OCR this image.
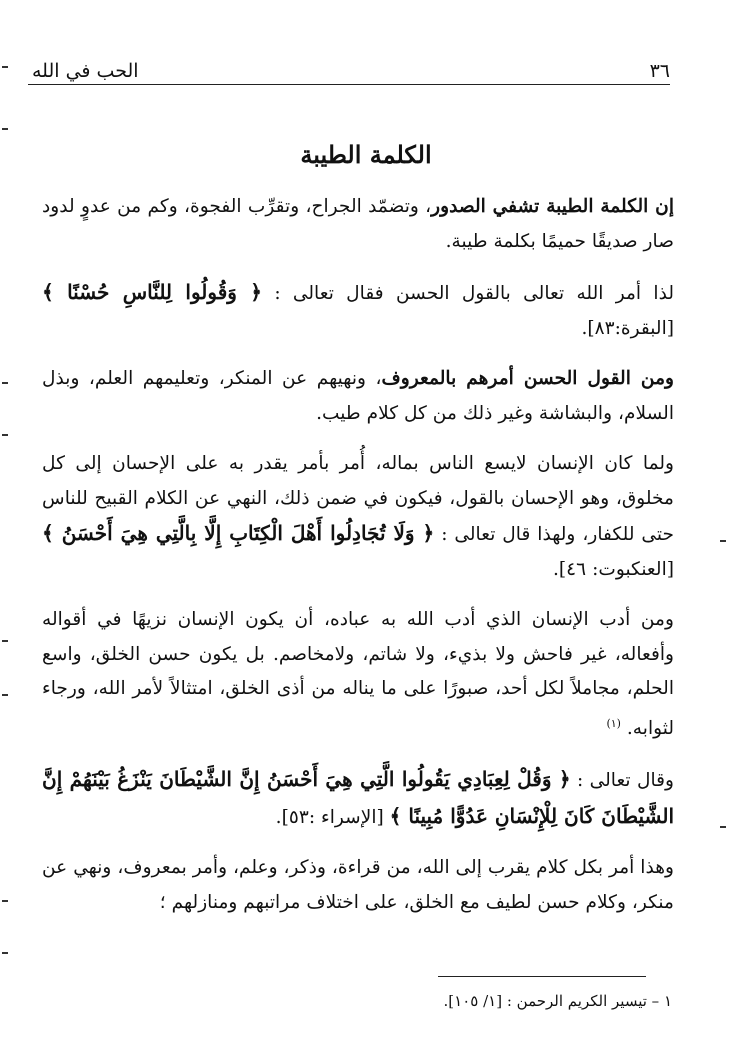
٣٦
الحب في الله
الكلمة الطيبة

إن الكلمة الطيبة تشفي الصدور، وتضمّد الجراح، وتقرِّب الفجوة، وكم من عدوٍ لدود صار صديقًا حميمًا بكلمة طيبة.

لذا أمر الله تعالى بالقول الحسن فقال تعالى : ﴿ وَقُولُوا لِلنَّاسِ حُسْنًا ﴾ [البقرة:٨٣].

ومن القول الحسن أمرهم بالمعروف، ونهيهم عن المنكر، وتعليمهم العلم، وبذل السلام، والبشاشة وغير ذلك من كل كلام طيب.

ولما كان الإنسان لايسع الناس بماله، أُمر بأمر يقدر به على الإحسان إلى كل مخلوق، وهو الإحسان بالقول، فيكون في ضمن ذلك، النهي عن الكلام القبيح للناس حتى للكفار، ولهذا قال تعالى : ﴿ وَلَا تُجَادِلُوا أَهْلَ الْكِتَابِ إِلَّا بِالَّتِي هِيَ أَحْسَنُ ﴾ [العنكبوت: ٤٦].

ومن أدب الإنسان الذي أدب الله به عباده، أن يكون الإنسان نزيهًا في أقواله وأفعاله، غير فاحش ولا بذيء، ولا شاتم، ولامخاصم. بل يكون حسن الخلق، واسع الحلم، مجاملاً لكل أحد، صبورًا على ما يناله من أذى الخلق، امتثالاً لأمر الله، ورجاء لثوابه. $^{(١)}$

وقال تعالى : ﴿ وَقُلْ لِعِبَادِي يَقُولُوا الَّتِي هِيَ أَحْسَنُ إِنَّ الشَّيْطَانَ يَنْزَغُ بَيْنَهُمْ إِنَّ الشَّيْطَانَ كَانَ لِلْإِنْسَانِ عَدُوًّا مُبِينًا ﴾ [الإسراء :٥٣].

وهذا أمر بكل كلام يقرب إلى الله، من قراءة، وذكر، وعلم، وأمر بمعروف، ونهي عن منكر، وكلام حسن لطيف مع الخلق، على اختلاف مراتبهم ومنازلهم ؛

١ – تيسير الكريم الرحمن : [١/ ١٠٥].
